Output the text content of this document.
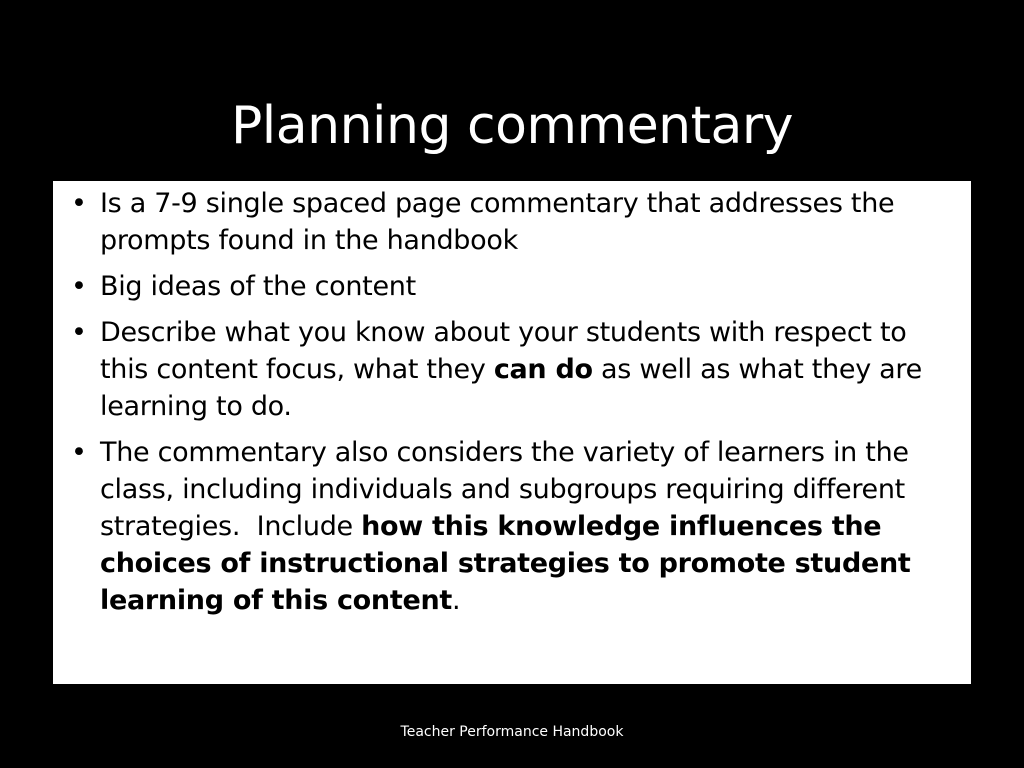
Planning commentary
• Is a 7-9 single spaced page commentary that addresses the prompts found in the handbook
• Big ideas of the content
• Describe what you know about your students with respect to this content focus, what they can do as well as what they are learning to do.
• The commentary also considers the variety of learners in the class, including individuals and subgroups requiring different strategies.  Include how this knowledge influences the choices of instructional strategies to promote student learning of this content.
Teacher Performance Handbook
